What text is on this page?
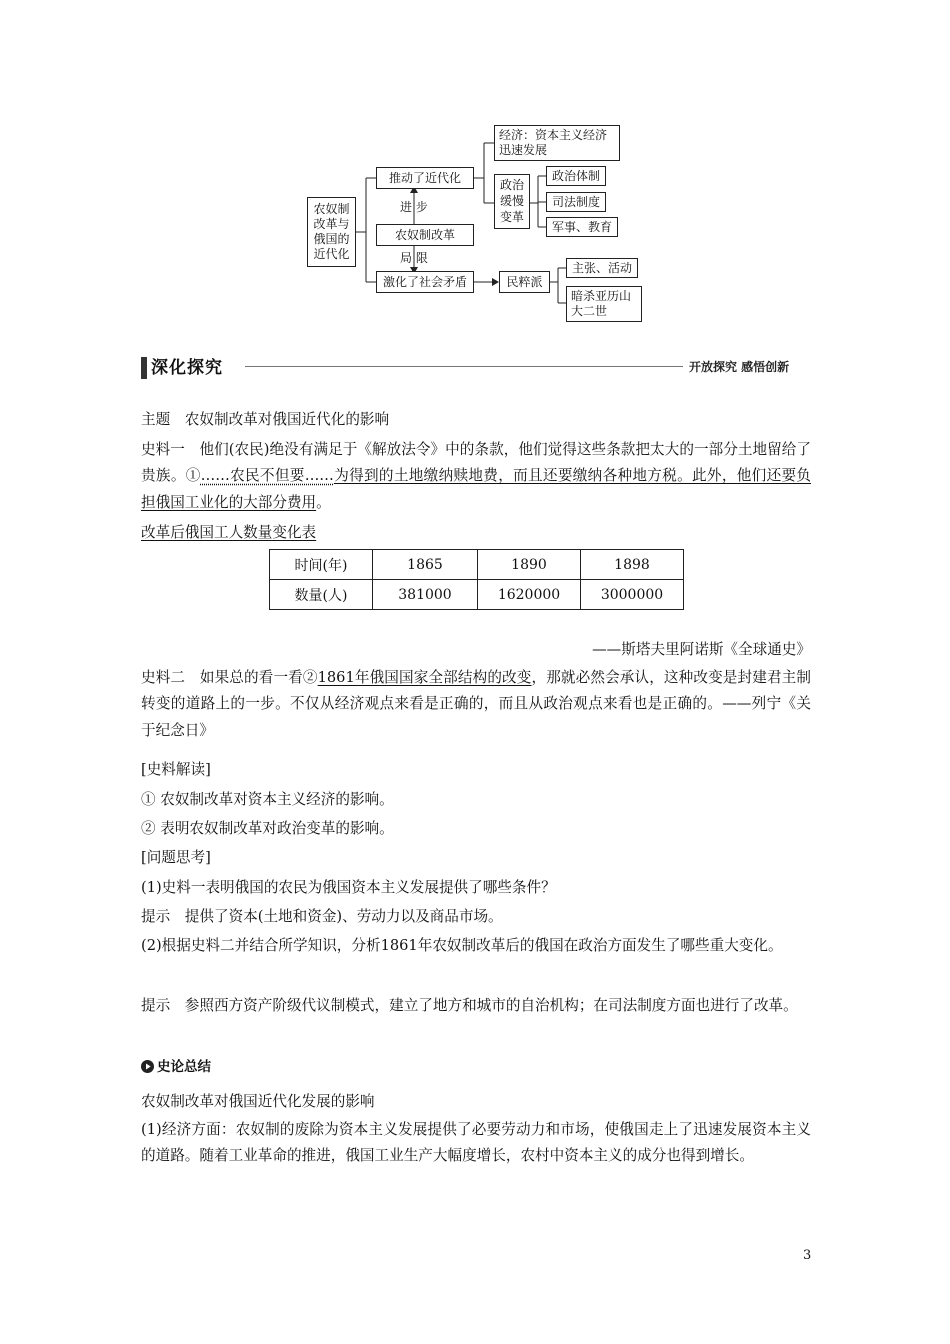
农奴制改革与俄国的近代化
推动了近代化
进 步
农奴制改革
局 限
激化了社会矛盾
经济：资本主义经济迅速发展
政治缓慢变革
政治体制
司法制度
军事、教育
民粹派
主张、活动
暗杀亚历山大二世
深化探究	开放探究 感悟创新
主题　农奴制改革对俄国近代化的影响
史料一　他们(农民)绝没有满足于《解放法令》中的条款，他们觉得这些条款把太大的一部分土地留给了贵族。①……农民不但要……为得到的土地缴纳赎地费，而且还要缴纳各种地方税。此外，他们还要负担俄国工业化的大部分费用。
改革后俄国工人数量变化表
时间(年)	1865	1890	1898
数量(人)	381000	1620000	3000000
——斯塔夫里阿诺斯《全球通史》
史料二　如果总的看一看②1861年俄国国家全部结构的改变，那就必然会承认，这种改变是封建君主制转变的道路上的一步。不仅从经济观点来看是正确的，而且从政治观点来看也是正确的。——列宁《关于纪念日》
[史料解读]
① 农奴制改革对资本主义经济的影响。
② 表明农奴制改革对政治变革的影响。
[问题思考]
(1)史料一表明俄国的农民为俄国资本主义发展提供了哪些条件？
提示　提供了资本(土地和资金)、劳动力以及商品市场。
(2)根据史料二并结合所学知识，分析1861年农奴制改革后的俄国在政治方面发生了哪些重大变化。
提示　参照西方资产阶级代议制模式，建立了地方和城市的自治机构；在司法制度方面也进行了改革。
史论总结
农奴制改革对俄国近代化发展的影响
(1)经济方面：农奴制的废除为资本主义发展提供了必要劳动力和市场，使俄国走上了迅速发展资本主义的道路。随着工业革命的推进，俄国工业生产大幅度增长，农村中资本主义的成分也得到增长。
3
